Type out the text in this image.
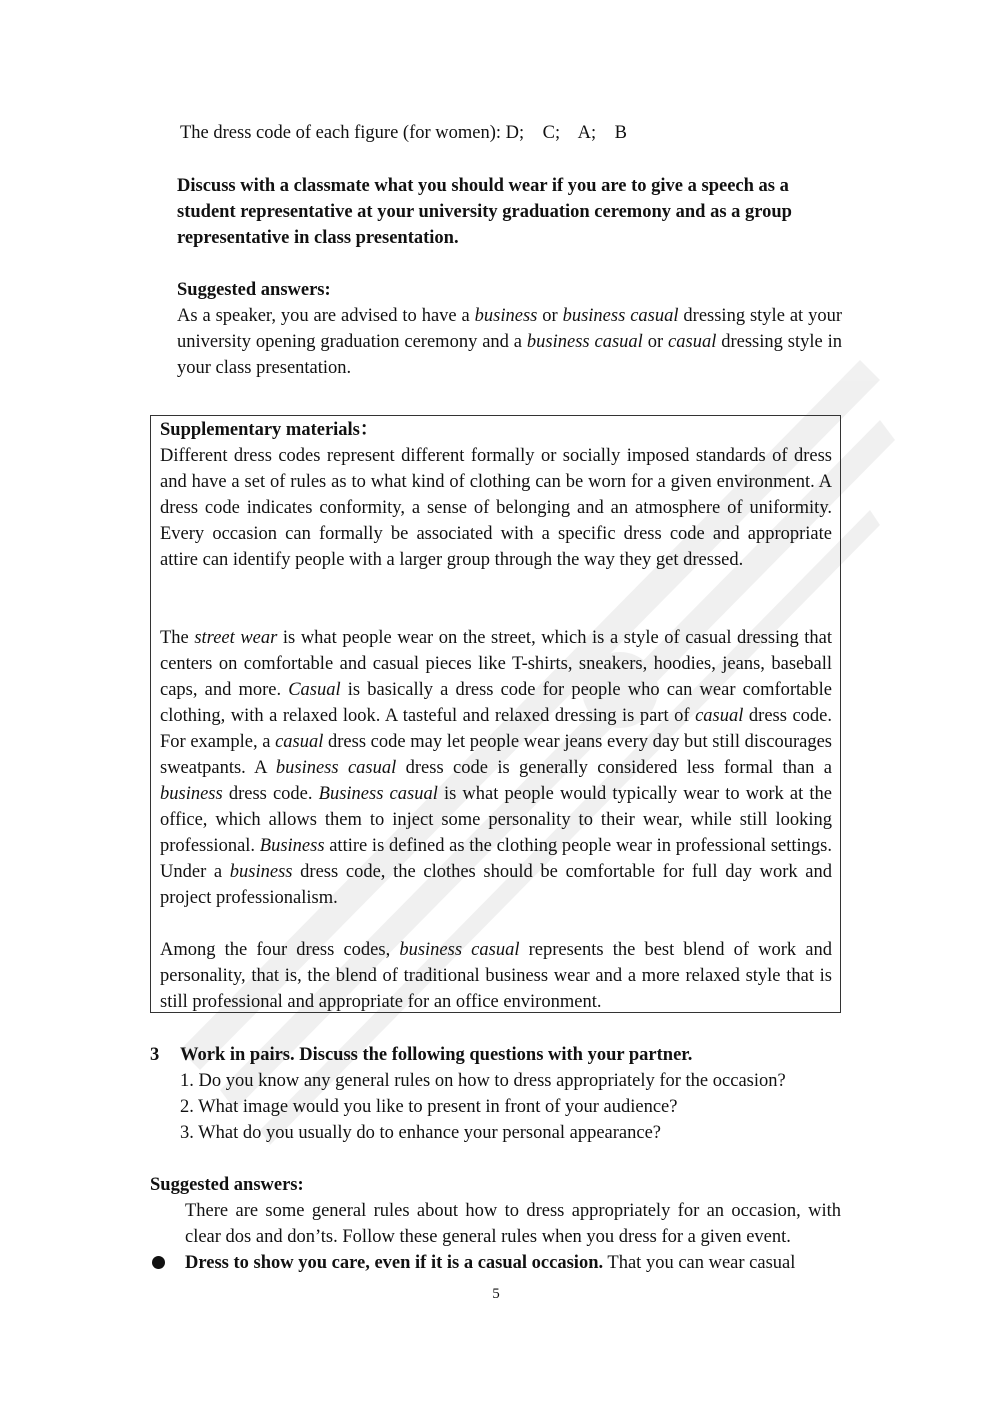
The dress code of each figure (for women): D;    C;    A;    B
Discuss with a classmate what you should wear if you are to give a speech as a
student representative at your university graduation ceremony and as a group
representative in class presentation.
Suggested answers:
As a speaker, you are advised to have a business or business casual dressing style at your university opening graduation ceremony and a business casual or casual dressing style in your class presentation.
Supplementary materials：
Different dress codes represent different formally or socially imposed standards of dress and have a set of rules as to what kind of clothing can be worn for a given environment. A dress code indicates conformity, a sense of belonging and an atmosphere of uniformity. Every occasion can formally be associated with a specific dress code and appropriate attire can identify people with a larger group through the way they get dressed.
The street wear is what people wear on the street, which is a style of casual dressing that centers on comfortable and casual pieces like T-shirts, sneakers, hoodies, jeans, baseball caps, and more. Casual is basically a dress code for people who can wear comfortable clothing, with a relaxed look. A tasteful and relaxed dressing is part of casual dress code. For example, a casual dress code may let people wear jeans every day but still discourages sweatpants. A business casual dress code is generally considered less formal than a business dress code. Business casual is what people would typically wear to work at the office, which allows them to inject some personality to their wear, while still looking professional. Business attire is defined as the clothing people wear in professional settings. Under a business dress code, the clothes should be comfortable for full day work and project professionalism.
Among the four dress codes, business casual represents the best blend of work and personality, that is, the blend of traditional business wear and a more relaxed style that is still professional and appropriate for an office environment.
3 Work in pairs. Discuss the following questions with your partner.
1. Do you know any general rules on how to dress appropriately for the occasion?
2. What image would you like to present in front of your audience?
3. What do you usually do to enhance your personal appearance?
Suggested answers:
There are some general rules about how to dress appropriately for an occasion, with clear dos and don’ts. Follow these general rules when you dress for a given event.
Dress to show you care, even if it is a casual occasion. That you can wear casual
5
